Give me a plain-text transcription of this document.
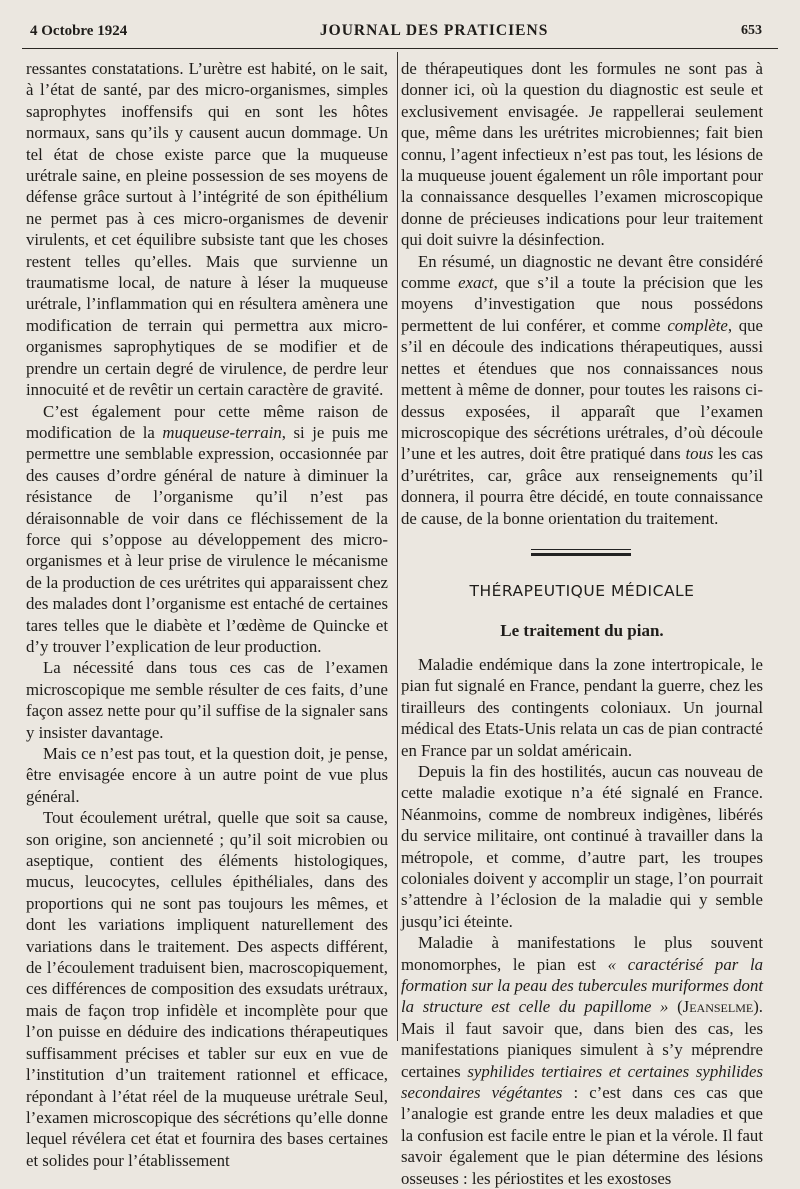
4 Octobre 1924	JOURNAL DES PRATICIENS	653

ressantes constatations. L’urètre est habité, on le sait, à l’état de santé, par des micro-organismes, simples saprophytes inoffensifs qui en sont les hôtes normaux, sans qu’ils y causent aucun dommage. Un tel état de chose existe parce que la muqueuse urétrale saine, en pleine possession de ses moyens de défense grâce surtout à l’intégrité de son épithélium ne permet pas à ces micro-organismes de devenir virulents, et cet équilibre subsiste tant que les choses restent telles qu’elles. Mais que survienne un traumatisme local, de nature à léser la muqueuse urétrale, l’inflammation qui en résultera amènera une modification de terrain qui permettra aux micro-organismes saprophytiques de se modifier et de prendre un certain degré de virulence, de perdre leur innocuité et de revêtir un certain caractère de gravité.

C’est également pour cette même raison de modification de la muqueuse-terrain, si je puis me permettre une semblable expression, occasionnée par des causes d’ordre général de nature à diminuer la résistance de l’organisme qu’il n’est pas déraisonnable de voir dans ce fléchissement de la force qui s’oppose au développement des micro-organismes et à leur prise de virulence le mécanisme de la production de ces urétrites qui apparaissent chez des malades dont l’organisme est entaché de certaines tares telles que le diabète et l’œdème de Quincke et d’y trouver l’explication de leur production.

La nécessité dans tous ces cas de l’examen microscopique me semble résulter de ces faits, d’une façon assez nette pour qu’il suffise de la signaler sans y insister davantage.

Mais ce n’est pas tout, et la question doit, je pense, être envisagée encore à un autre point de vue plus général.

Tout écoulement urétral, quelle que soit sa cause, son origine, son ancienneté ; qu’il soit microbien ou aseptique, contient des éléments histologiques, mucus, leucocytes, cellules épithéliales, dans des proportions qui ne sont pas toujours les mêmes, et dont les variations impliquent naturellement des variations dans le traitement. Des aspects différent, de l’écoulement traduisent bien, macroscopiquement, ces différences de composition des exsudats urétraux, mais de façon trop infidèle et incomplète pour que l’on puisse en déduire des indications thérapeutiques suffisamment précises et tabler sur eux en vue de l’institution d’un traitement rationnel et efficace, répondant à l’état réel de la muqueuse urétrale Seul, l’examen microscopique des sécrétions qu’elle donne lequel révélera cet état et fournira des bases certaines et solides pour l’établissement

de thérapeutiques dont les formules ne sont pas à donner ici, où la question du diagnostic est seule et exclusivement envisagée. Je rappellerai seulement que, même dans les urétrites microbiennes; fait bien connu, l’agent infectieux n’est pas tout, les lésions de la muqueuse jouent également un rôle important pour la connaissance desquelles l’examen microscopique donne de précieuses indications pour leur traitement qui doit suivre la désinfection.

En résumé, un diagnostic ne devant être considéré comme exact, que s’il a toute la précision que les moyens d’investigation que nous possédons permettent de lui conférer, et comme complète, que s’il en découle des indications thérapeutiques, aussi nettes et étendues que nos connaissances nous mettent à même de donner, pour toutes les raisons ci-dessus exposées, il apparaît que l’examen microscopique des sécrétions urétrales, d’où découle l’une et les autres, doit être pratiqué dans tous les cas d’urétrites, car, grâce aux renseignements qu’il donnera, il pourra être décidé, en toute connaissance de cause, de la bonne orientation du traitement.

THÉRAPEUTIQUE MÉDICALE
Le traitement du pian.

Maladie endémique dans la zone intertropicale, le pian fut signalé en France, pendant la guerre, chez les tirailleurs des contingents coloniaux. Un journal médical des Etats-Unis relata un cas de pian contracté en France par un soldat américain.

Depuis la fin des hostilités, aucun cas nouveau de cette maladie exotique n’a été signalé en France. Néanmoins, comme de nombreux indigènes, libérés du service militaire, ont continué à travailler dans la métropole, et comme, d’autre part, les troupes coloniales doivent y accomplir un stage, l’on pourrait s’attendre à l’éclosion de la maladie qui y semble jusqu’ici éteinte.

Maladie à manifestations le plus souvent monomorphes, le pian est « caractérisé par la formation sur la peau des tubercules muriformes dont la structure est celle du papillome » (Jeanselme). Mais il faut savoir que, dans bien des cas, les manifestations pianiques simulent à s’y méprendre certaines syphilides tertiaires et certaines syphilides secondaires végétantes : c’est dans ces cas que l’analogie est grande entre les deux maladies et que la confusion est facile entre le pian et la vérole. Il faut savoir également que le pian détermine des lésions osseuses : les périostites et les exostoses
